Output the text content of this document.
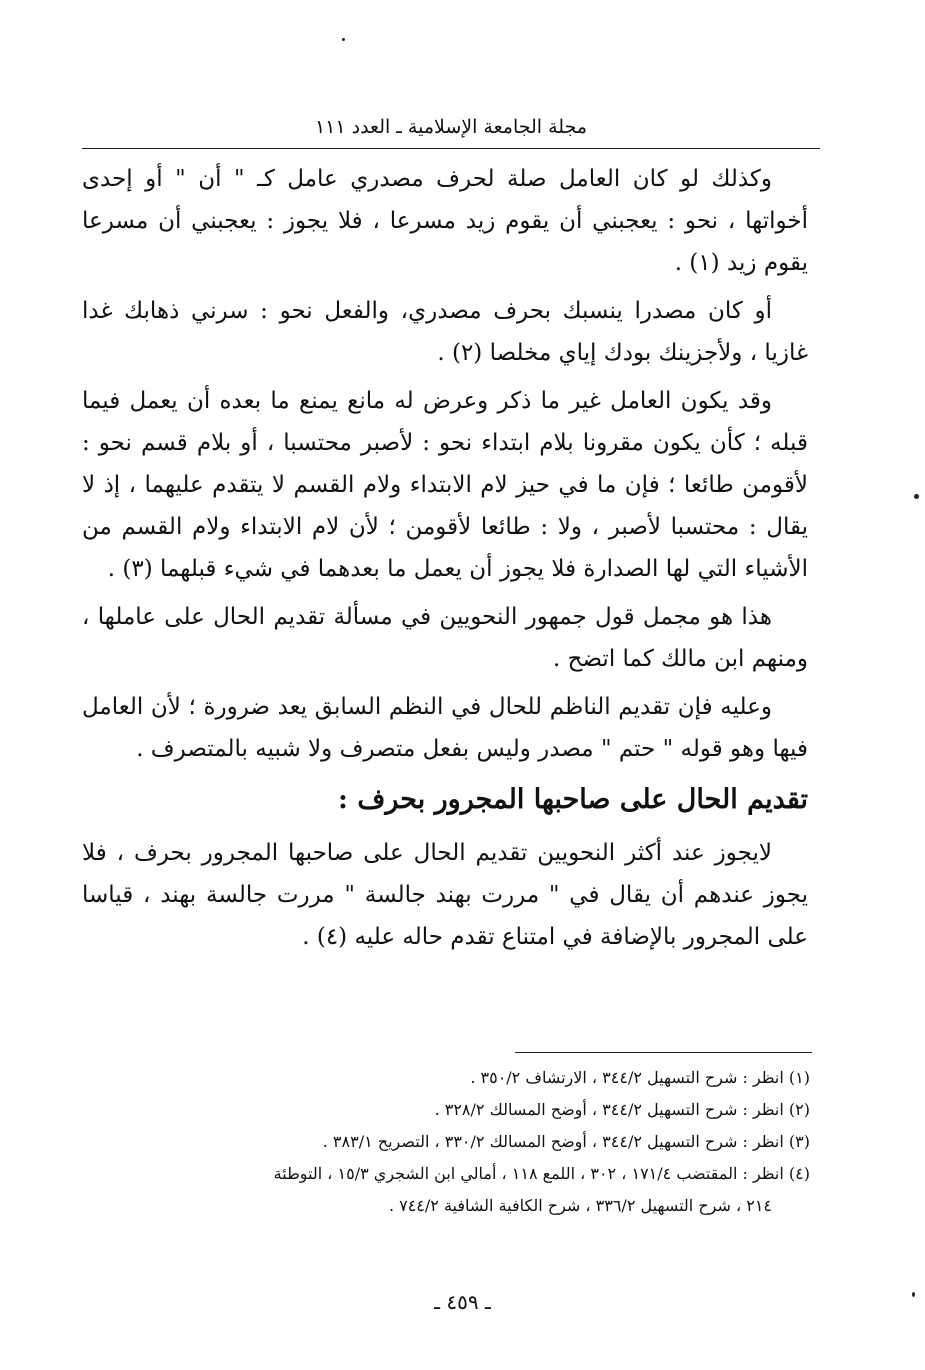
مجلة الجامعة الإسلامية ـ العدد ١١١

وكذلك لو كان العامل صلة لحرف مصدري عامل كـ " أن " أو إحدى أخواتها ، نحو : يعجبني أن يقوم زيد مسرعا ، فلا يجوز : يعجبني أن مسرعا يقوم زيد (١) .

أو كان مصدرا ينسبك بحرف مصدري، والفعل نحو : سرني ذهابك غدا غازيا ، ولأجزينك بودك إياي مخلصا (٢) .

وقد يكون العامل غير ما ذكر وعرض له مانع يمنع ما بعده أن يعمل فيما قبله ؛ كأن يكون مقرونا بلام ابتداء نحو : لأصبر محتسبا ، أو بلام قسم نحو : لأقومن طائعا ؛ فإن ما في حيز لام الابتداء ولام القسم لا يتقدم عليهما ، إذ لا يقال : محتسبا لأصبر ، ولا : طائعا لأقومن ؛ لأن لام الابتداء ولام القسم من الأشياء التي لها الصدارة فلا يجوز أن يعمل ما بعدهما في شيء قبلهما (٣) .

هذا هو مجمل قول جمهور النحويين في مسألة تقديم الحال على عاملها ، ومنهم ابن مالك كما اتضح .

وعليه فإن تقديم الناظم للحال في النظم السابق يعد ضرورة ؛ لأن العامل فيها وهو قوله " حتم " مصدر وليس بفعل متصرف ولا شبيه بالمتصرف .

تقديم الحال على صاحبها المجرور بحرف :

لايجوز عند أكثر النحويين تقديم الحال على صاحبها المجرور بحرف ، فلا يجوز عندهم أن يقال في " مررت بهند جالسة " مررت جالسة بهند ، قياسا على المجرور بالإضافة في امتناع تقدم حاله عليه (٤) .

(١) انظر : شرح التسهيل ٣٤٤/٢ ، الارتشاف ٣٥٠/٢ .

(٢) انظر : شرح التسهيل ٣٤٤/٢ ، أوضح المسالك ٣٢٨/٢ .

(٣) انظر : شرح التسهيل ٣٤٤/٢ ، أوضح المسالك ٣٣٠/٢ ، التصريح ٣٨٣/١ .

(٤) انظر : المقتضب ١٧١/٤ ، ٣٠٢ ، اللمع ١١٨ ، أمالي ابن الشجري ١٥/٣ ، التوطئة

٢١٤ ، شرح التسهيل ٣٣٦/٢ ، شرح الكافية الشافية ٧٤٤/٢ .

ـ ٤٥٩ ـ
